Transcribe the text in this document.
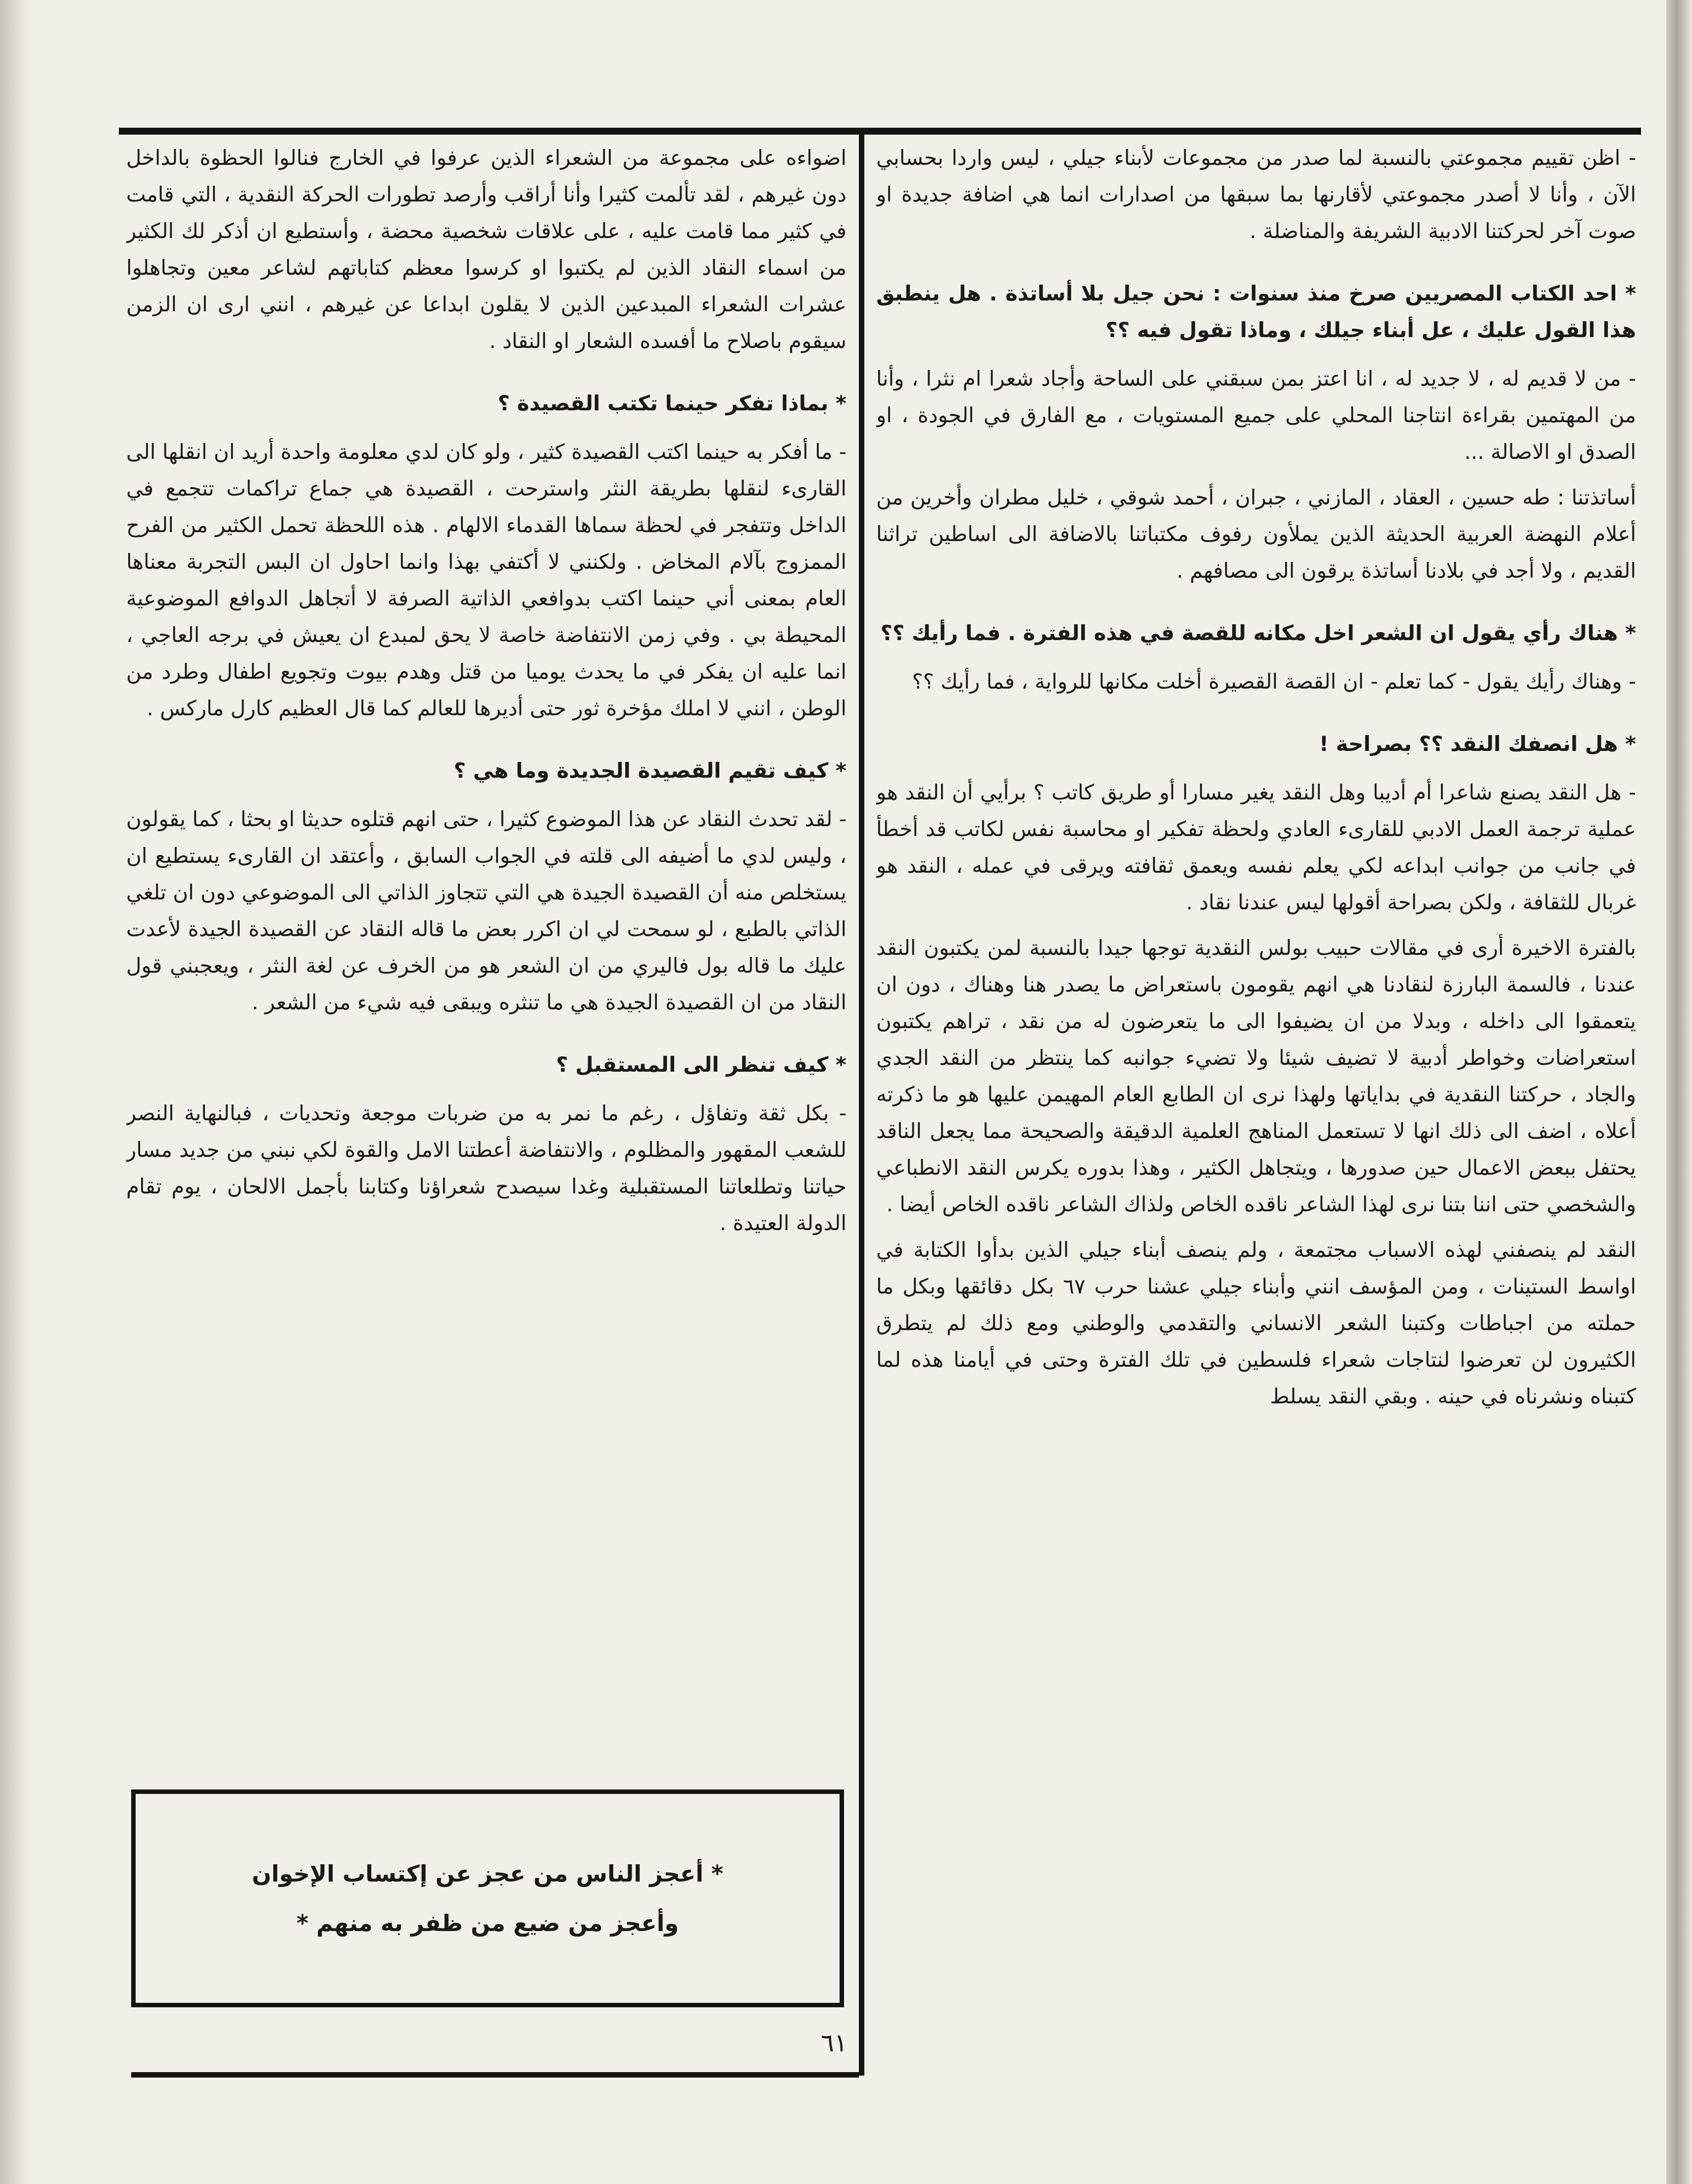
- اظن تقييم مجموعتي بالنسبة لما صدر من مجموعات لأبناء جيلي ، ليس واردا بحسابي الآن ، وأنا لا أصدر مجموعتي لأقارنها بما سبقها من اصدارات انما هي اضافة جديدة او صوت آخر لحركتنا الادبية الشريفة والمناضلة .

* احد الكتاب المصريين صرخ منذ سنوات : نحن جيل بلا أساتذة . هل ينطبق هذا القول عليك ، عل أبناء جيلك ، وماذا تقول فيه ؟؟

- من لا قديم له ، لا جديد له ، انا اعتز بمن سبقني على الساحة وأجاد شعرا ام نثرا ، وأنا من المهتمين بقراءة انتاجنا المحلي على جميع المستويات ، مع الفارق في الجودة ، او الصدق او الاصالة ...

أساتذتنا : طه حسين ، العقاد ، المازني ، جبران ، أحمد شوقي ، خليل مطران وأخرين من أعلام النهضة العربية الحديثة الذين يملأون رفوف مكتباتنا بالاضافة الى اساطين تراثنا القديم ، ولا أجد في بلادنا أساتذة يرقون الى مصافهم .

* هناك رأي يقول ان الشعر اخل مكانه للقصة في هذه الفترة . فما رأيك ؟؟

- وهناك رأيك يقول - كما تعلم - ان القصة القصيرة أخلت مكانها للرواية ، فما رأيك ؟؟

* هل انصفك النقد ؟؟ بصراحة !

- هل النقد يصنع شاعرا أم أديبا وهل النقد يغير مسارا أو طريق كاتب ؟ برأيي أن النقد هو عملية ترجمة العمل الادبي للقارىء العادي ولحظة تفكير او محاسبة نفس لكاتب قد أخطأ في جانب من جوانب ابداعه لكي يعلم نفسه ويعمق ثقافته ويرقى في عمله ، النقد هو غربال للثقافة ، ولكن بصراحة أقولها ليس عندنا نقاد .

بالفترة الاخيرة أرى في مقالات حبيب بولس النقدية توجها جيدا بالنسبة لمن يكتبون النقد عندنا ، فالسمة البارزة لنقادنا هي انهم يقومون باستعراض ما يصدر هنا وهناك ، دون ان يتعمقوا الى داخله ، وبدلا من ان يضيفوا الى ما يتعرضون له من نقد ، تراهم يكتبون استعراضات وخواطر أدبية لا تضيف شيئا ولا تضيء جوانبه كما ينتظر من النقد الجدي والجاد ، حركتنا النقدية في بداياتها ولهذا نرى ان الطابع العام المهيمن عليها هو ما ذكرته أعلاه ، اضف الى ذلك انها لا تستعمل المناهج العلمية الدقيقة والصحيحة مما يجعل الناقد يحتفل ببعض الاعمال حين صدورها ، ويتجاهل الكثير ، وهذا بدوره يكرس النقد الانطباعي والشخصي حتى اننا بتنا نرى لهذا الشاعر ناقده الخاص ولذاك الشاعر ناقده الخاص أيضا .

النقد لم ينصفني لهذه الاسباب مجتمعة ، ولم ينصف أبناء جيلي الذين بدأوا الكتابة في اواسط الستينات ، ومن المؤسف انني وأبناء جيلي عشنا حرب ٦٧ بكل دقائقها وبكل ما حملته من اجباطات وكتبنا الشعر الانساني والتقدمي والوطني ومع ذلك لم يتطرق الكثيرون لن تعرضوا لنتاجات شعراء فلسطين في تلك الفترة وحتى في أيامنا هذه لما كتبناه ونشرناه في حينه . وبقي النقد يسلط

اضواءه على مجموعة من الشعراء الذين عرفوا في الخارج فنالوا الحظوة بالداخل دون غيرهم ، لقد تألمت كثيرا وأنا أراقب وأرصد تطورات الحركة النقدية ، التي قامت في كثير مما قامت عليه ، على علاقات شخصية محضة ، وأستطيع ان أذكر لك الكثير من اسماء النقاد الذين لم يكتبوا او كرسوا معظم كتاباتهم لشاعر معين وتجاهلوا عشرات الشعراء المبدعين الذين لا يقلون ابداعا عن غيرهم ، انني ارى ان الزمن سيقوم باصلاح ما أفسده الشعار او النقاد .

* بماذا تفكر حينما تكتب القصيدة ؟

- ما أفكر به حينما اكتب القصيدة كثير ، ولو كان لدي معلومة واحدة أريد ان انقلها الى القارىء لنقلها بطريقة النثر واسترحت ، القصيدة هي جماع تراكمات تتجمع في الداخل وتتفجر في لحظة سماها القدماء الالهام . هذه اللحظة تحمل الكثير من الفرح الممزوج بآلام المخاض . ولكنني لا أكتفي بهذا وانما احاول ان البس التجربة معناها العام بمعنى أني حينما اكتب بدوافعي الذاتية الصرفة لا أتجاهل الدوافع الموضوعية المحيطة بي . وفي زمن الانتفاضة خاصة لا يحق لمبدع ان يعيش في برجه العاجي ، انما عليه ان يفكر في ما يحدث يوميا من قتل وهدم بيوت وتجويع اطفال وطرد من الوطن ، انني لا املك مؤخرة ثور حتى أديرها للعالم كما قال العظيم كارل ماركس .

* كيف تقيم القصيدة الجديدة وما هي ؟

- لقد تحدث النقاد عن هذا الموضوع كثيرا ، حتى انهم قتلوه حديثا او بحثا ، كما يقولون ، وليس لدي ما أضيفه الى قلته في الجواب السابق ، وأعتقد ان القارىء يستطيع ان يستخلص منه أن القصيدة الجيدة هي التي تتجاوز الذاتي الى الموضوعي دون ان تلغي الذاتي بالطبع ، لو سمحت لي ان اكرر بعض ما قاله النقاد عن القصيدة الجيدة لأعدت عليك ما قاله بول فاليري من ان الشعر هو من الخرف عن لغة النثر ، ويعجبني قول النقاد من ان القصيدة الجيدة هي ما تنثره ويبقى فيه شيء من الشعر .

* كيف تنظر الى المستقبل ؟

- بكل ثقة وتفاؤل ، رغم ما نمر به من ضربات موجعة وتحديات ، فبالنهاية النصر للشعب المقهور والمظلوم ، والانتفاضة أعطتنا الامل والقوة لكي نبني من جديد مسار حياتنا وتطلعاتنا المستقبلية وغدا سيصدح شعراؤنا وكتابنا بأجمل الالحان ، يوم تقام الدولة العتيدة .

* أعجز الناس من عجز عن إكتساب الإخوان
وأعجز من ضيع من ظفر به منهم *
٦١
